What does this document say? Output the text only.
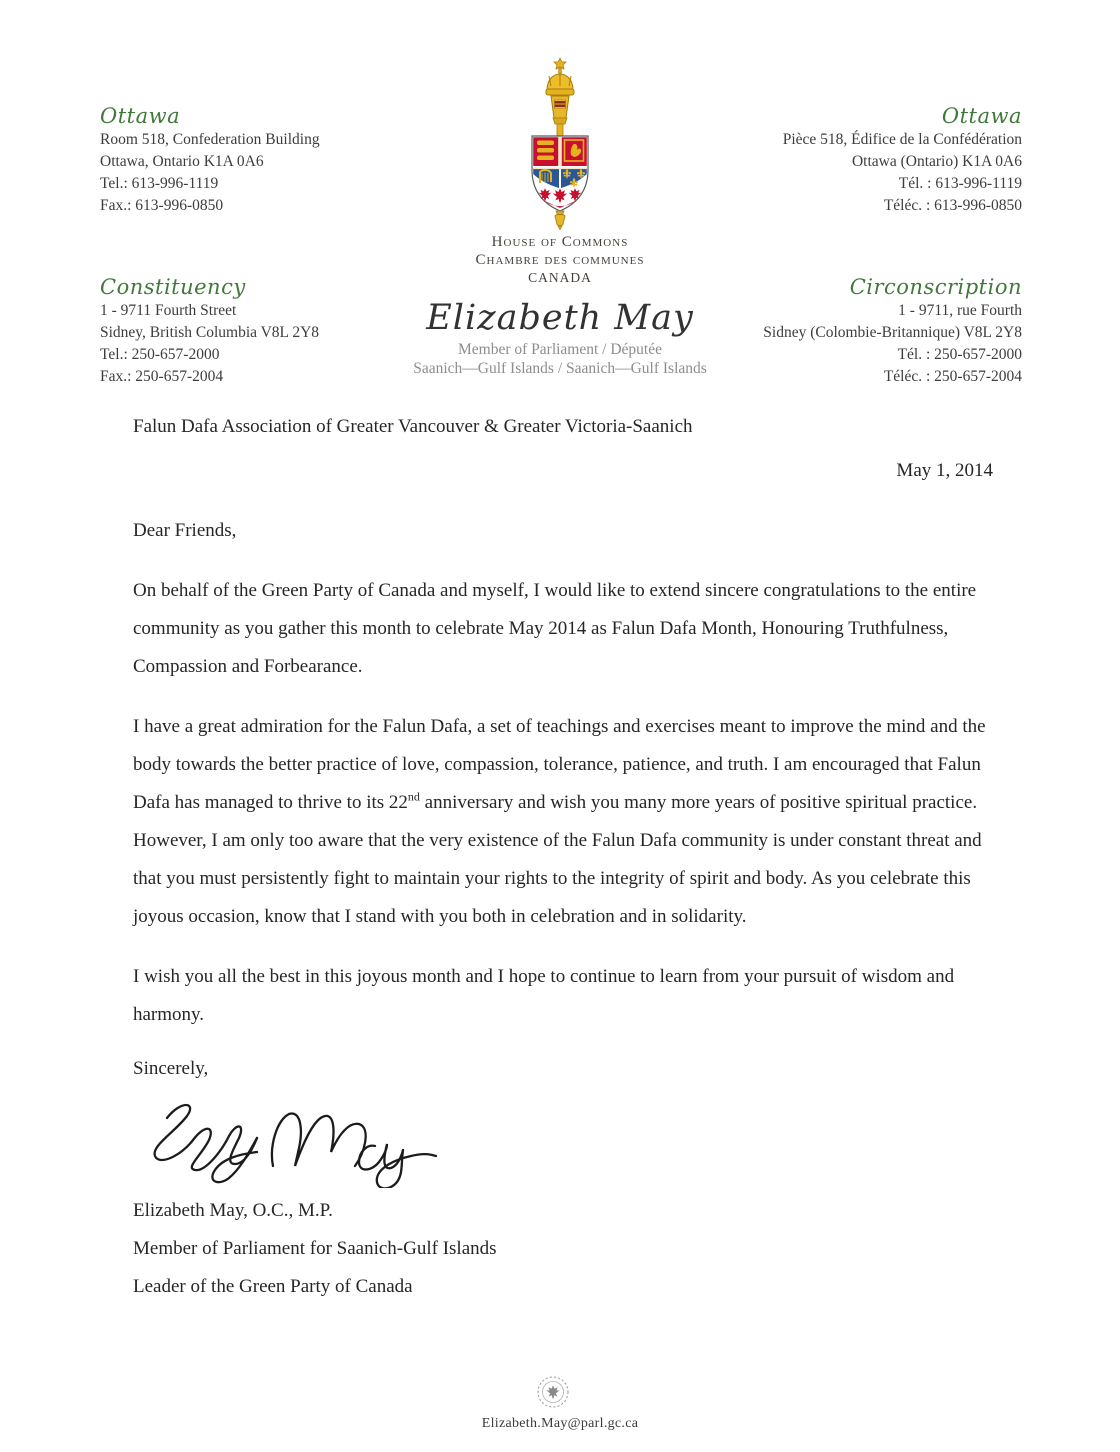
Ottawa
Room 518, Confederation Building
Ottawa, Ontario K1A 0A6
Tel.: 613-996-1119
Fax.: 613-996-0850
Ottawa
Pièce 518, Édifice de la Confédération
Ottawa (Ontario) K1A 0A6
Tél. : 613-996-1119
Téléc. : 613-996-0850
House of Commons
Chambre des communes
CANADA
Constituency
1 - 9711 Fourth Street
Sidney, British Columbia V8L 2Y8
Tel.: 250-657-2000
Fax.: 250-657-2004
Elizabeth May
Member of Parliament / Députée
Saanich—Gulf Islands / Saanich—Gulf Islands
Circonscription
1 - 9711, rue Fourth
Sidney (Colombie-Britannique) V8L 2Y8
Tél. : 250-657-2000
Téléc. : 250-657-2004
Falun Dafa Association of Greater Vancouver & Greater Victoria-Saanich
May 1, 2014
Dear Friends,

On behalf of the Green Party of Canada and myself, I would like to extend sincere congratulations to the entire community as you gather this month to celebrate May 2014 as Falun Dafa Month, Honouring Truthfulness, Compassion and Forbearance.

I have a great admiration for the Falun Dafa, a set of teachings and exercises meant to improve the mind and the body towards the better practice of love, compassion, tolerance, patience, and truth. I am encouraged that Falun Dafa has managed to thrive to its 22nd anniversary and wish you many more years of positive spiritual practice. However, I am only too aware that the very existence of the Falun Dafa community is under constant threat and that you must persistently fight to maintain your rights to the integrity of spirit and body. As you celebrate this joyous occasion, know that I stand with you both in celebration and in solidarity.

I wish you all the best in this joyous month and I hope to continue to learn from your pursuit of wisdom and harmony.

Sincerely,
Elizabeth May, O.C., M.P.
Member of Parliament for Saanich-Gulf Islands
Leader of the Green Party of Canada
Elizabeth.May@parl.gc.ca
